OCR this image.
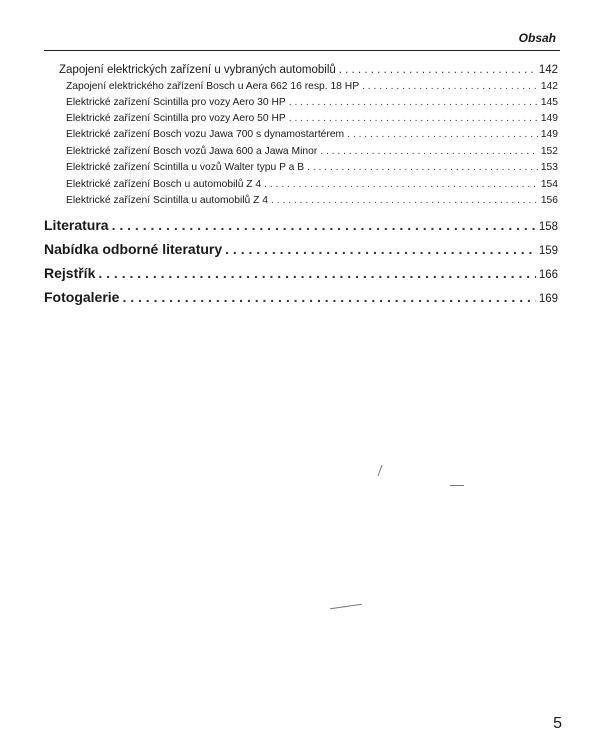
Obsah
Zapojení elektrických zařízení u vybraných automobilů . . .	142
Zapojení elektrického zařízení Bosch u Aera 662 16 resp. 18 HP . . .	142
Elektrické zařízení Scintilla pro vozy Aero 30 HP . . .	145
Elektrické zařízení Scintilla pro vozy Aero 50 HP . . .	149
Elektrické zařízení Bosch vozu Jawa 700 s dynamostartérem . . .	149
Elektrické zařízení Bosch vozů Jawa 600 a Jawa Minor . . .	152
Elektrické zařízení Scintilla u vozů Walter typu P a B . . .	153
Elektrické zařízení Bosch u automobilů Z 4 . . .	154
Elektrické zařízení Scintilla u automobilů Z 4 . . .	156
Literatura . . .	158
Nabídka odborné literatury . . .	159
Rejstřík . . .	166
Fotogalerie . . .	169
5
